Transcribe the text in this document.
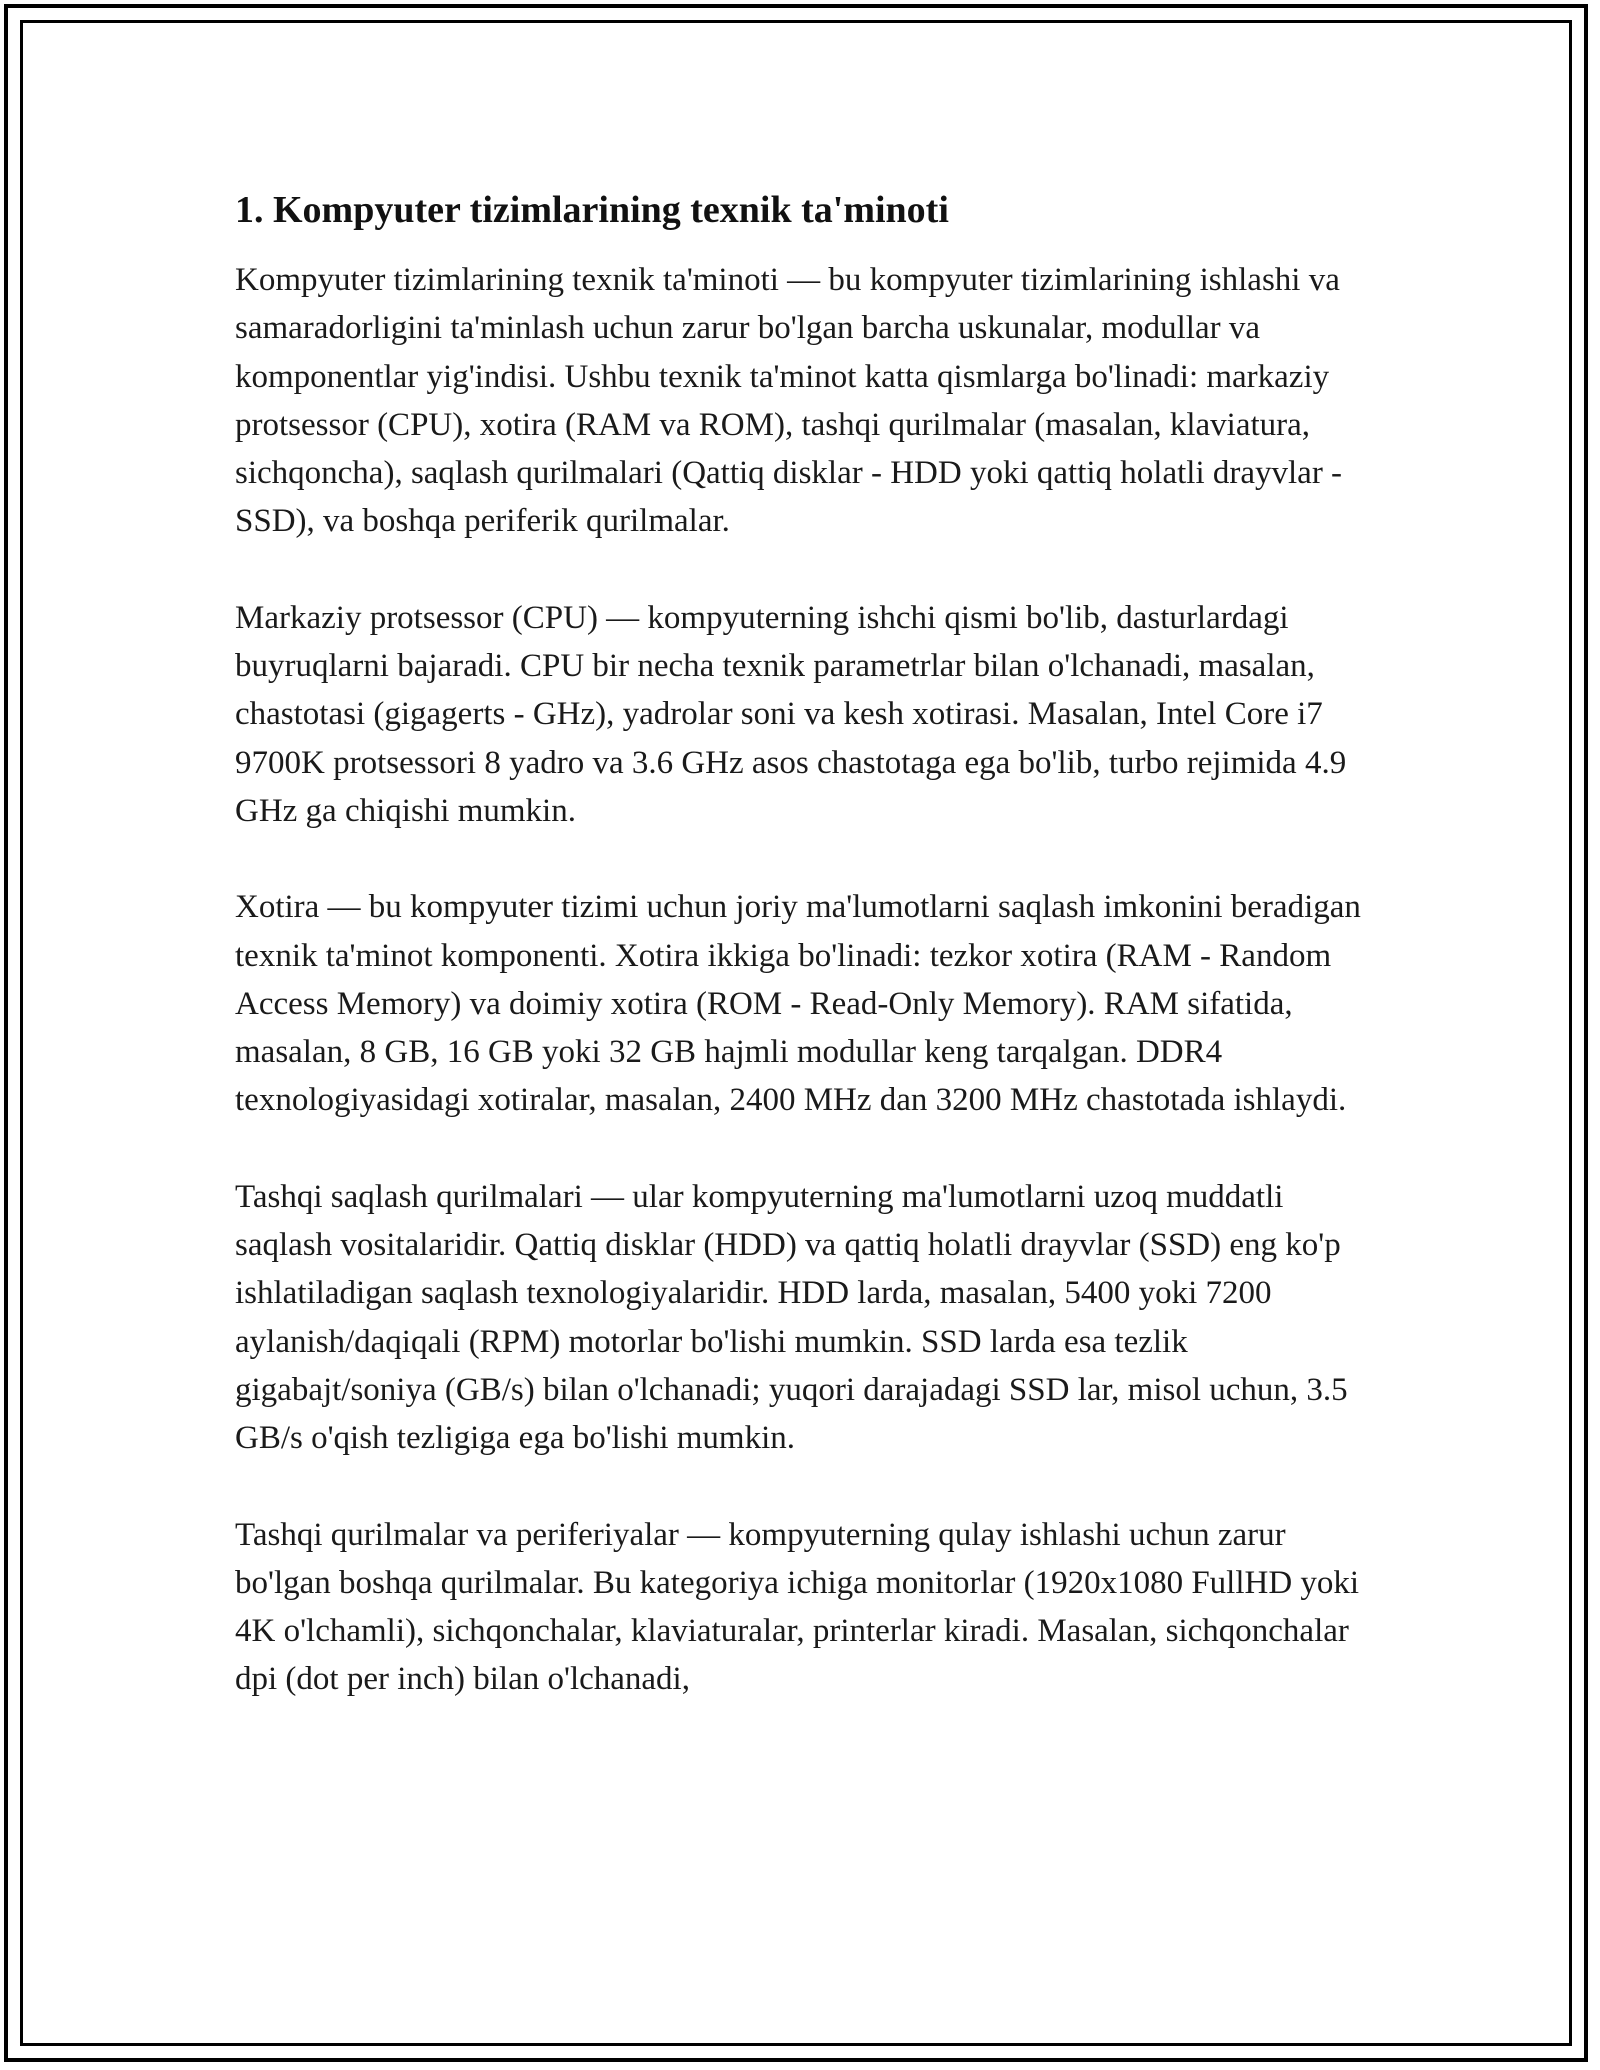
1. Kompyuter tizimlarining texnik ta'minoti

Kompyuter tizimlarining texnik ta'minoti — bu kompyuter tizimlarining ishlashi va samaradorligini ta'minlash uchun zarur bo'lgan barcha uskunalar, modullar va komponentlar yig'indisi. Ushbu texnik ta'minot katta qismlarga bo'linadi: markaziy protsessor (CPU), xotira (RAM va ROM), tashqi qurilmalar (masalan, klaviatura, sichqoncha), saqlash qurilmalari (Qattiq disklar - HDD yoki qattiq holatli drayvlar - SSD), va boshqa periferik qurilmalar.

Markaziy protsessor (CPU) — kompyuterning ishchi qismi bo'lib, dasturlardagi buyruqlarni bajaradi. CPU bir necha texnik parametrlar bilan o'lchanadi, masalan, chastotasi (gigagerts - GHz), yadrolar soni va kesh xotirasi. Masalan, Intel Core i7 9700K protsessori 8 yadro va 3.6 GHz asos chastotaga ega bo'lib, turbo rejimida 4.9 GHz ga chiqishi mumkin.

Xotira — bu kompyuter tizimi uchun joriy ma'lumotlarni saqlash imkonini beradigan texnik ta'minot komponenti. Xotira ikkiga bo'linadi: tezkor xotira (RAM - Random Access Memory) va doimiy xotira (ROM - Read-Only Memory). RAM sifatida, masalan, 8 GB, 16 GB yoki 32 GB hajmli modullar keng tarqalgan. DDR4 texnologiyasidagi xotiralar, masalan, 2400 MHz dan 3200 MHz chastotada ishlaydi.

Tashqi saqlash qurilmalari — ular kompyuterning ma'lumotlarni uzoq muddatli saqlash vositalaridir. Qattiq disklar (HDD) va qattiq holatli drayvlar (SSD) eng ko'p ishlatiladigan saqlash texnologiyalaridir. HDD larda, masalan, 5400 yoki 7200 aylanish/daqiqali (RPM) motorlar bo'lishi mumkin. SSD larda esa tezlik gigabajt/soniya (GB/s) bilan o'lchanadi; yuqori darajadagi SSD lar, misol uchun, 3.5 GB/s o'qish tezligiga ega bo'lishi mumkin.

Tashqi qurilmalar va periferiyalar — kompyuterning qulay ishlashi uchun zarur bo'lgan boshqa qurilmalar. Bu kategoriya ichiga monitorlar (1920x1080 FullHD yoki 4K o'lchamli), sichqonchalar, klaviaturalar, printerlar kiradi. Masalan, sichqonchalar dpi (dot per inch) bilan o'lchanadi,
